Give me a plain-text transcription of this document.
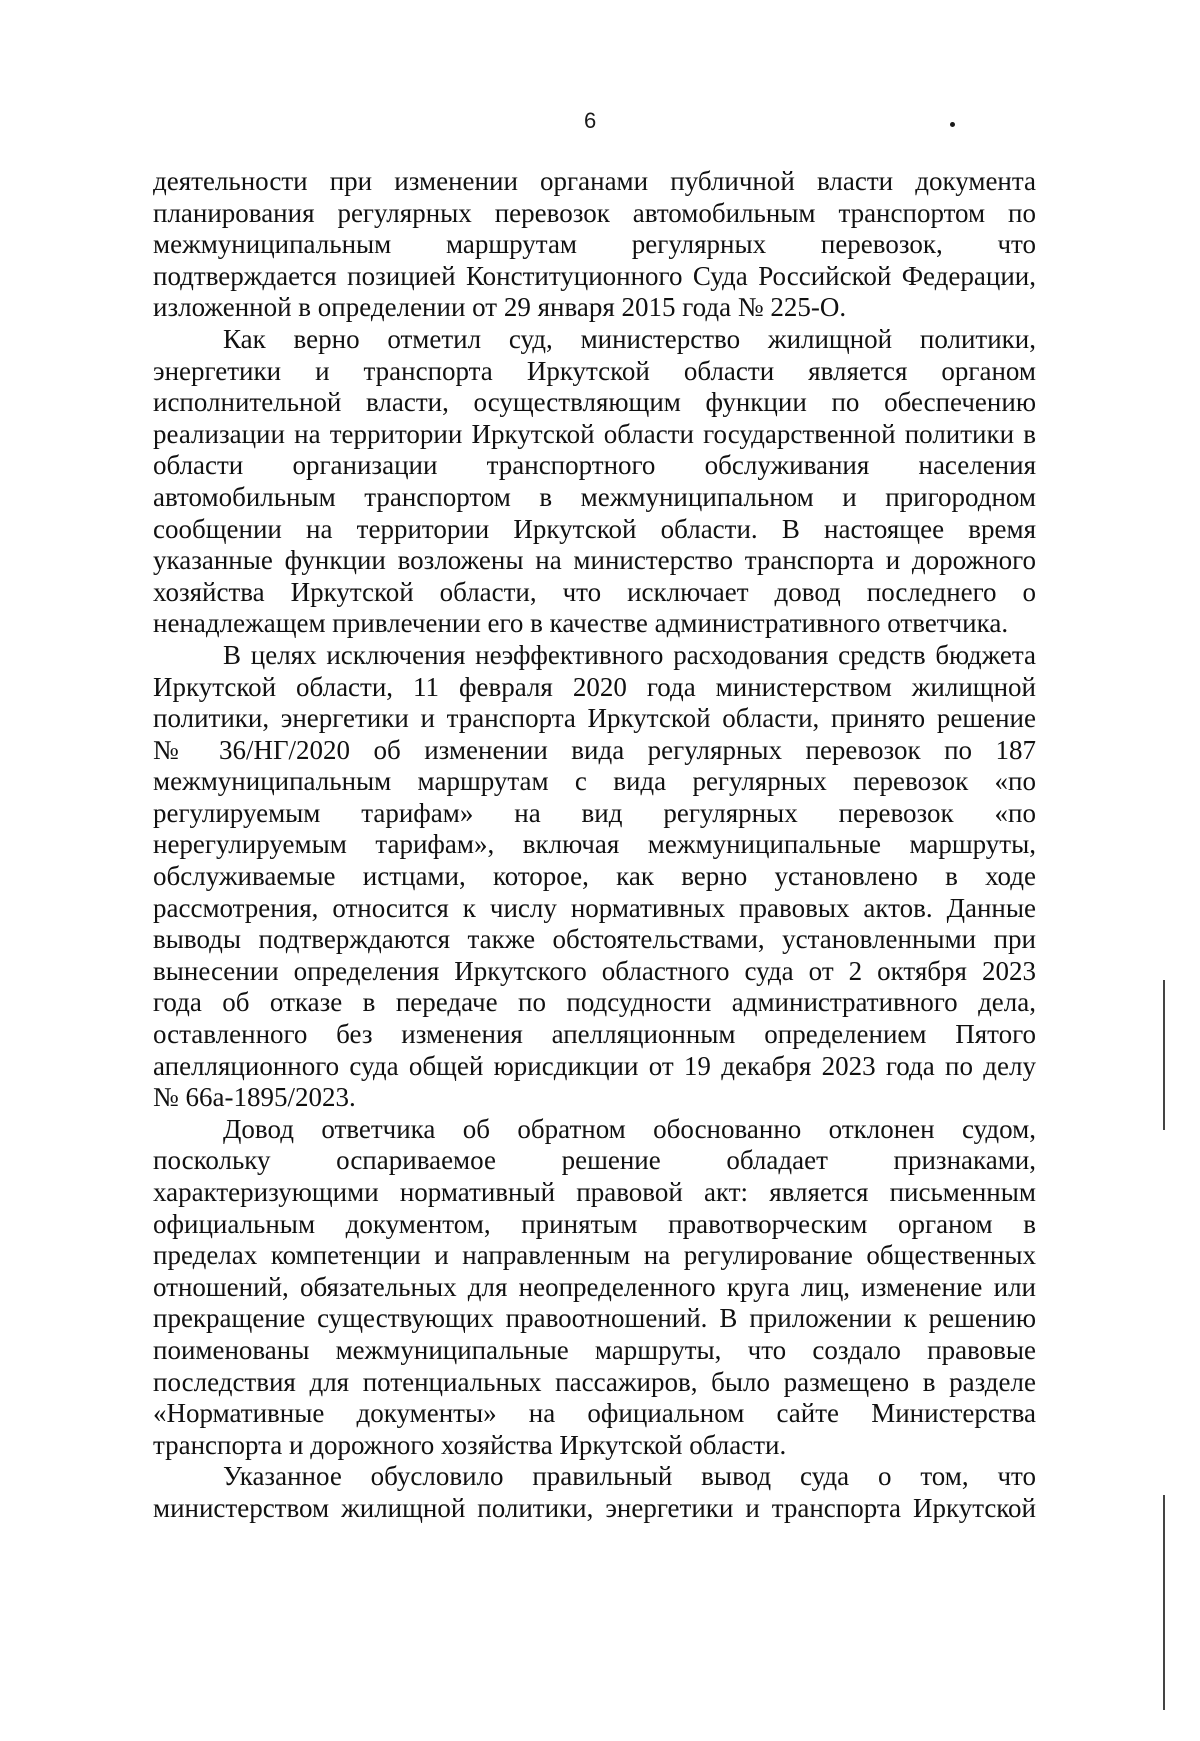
6
деятельности при изменении органами публичной власти документа
планирования регулярных перевозок автомобильным транспортом по
межмуниципальным маршрутам регулярных перевозок, что
подтверждается позицией Конституционного Суда Российской Федерации,
изложенной в определении от 29 января 2015 года № 225-О.
Как верно отметил суд, министерство жилищной политики,
энергетики и транспорта Иркутской области является органом
исполнительной власти, осуществляющим функции по обеспечению
реализации на территории Иркутской области государственной политики в
области организации транспортного обслуживания населения
автомобильным транспортом в межмуниципальном и пригородном
сообщении на территории Иркутской области. В настоящее время
указанные функции возложены на министерство транспорта и дорожного
хозяйства Иркутской области, что исключает довод последнего о
ненадлежащем привлечении его в качестве административного ответчика.
В целях исключения неэффективного расходования средств бюджета
Иркутской области, 11 февраля 2020 года министерством жилищной
политики, энергетики и транспорта Иркутской области, принято решение
№ 36/НГ/2020 об изменении вида регулярных перевозок по 187
межмуниципальным маршрутам с вида регулярных перевозок «по
регулируемым тарифам» на вид регулярных перевозок «по
нерегулируемым тарифам», включая межмуниципальные маршруты,
обслуживаемые истцами, которое, как верно установлено в ходе
рассмотрения, относится к числу нормативных правовых актов. Данные
выводы подтверждаются также обстоятельствами, установленными при
вынесении определения Иркутского областного суда от 2 октября 2023
года об отказе в передаче по подсудности административного дела,
оставленного без изменения апелляционным определением Пятого
апелляционного суда общей юрисдикции от 19 декабря 2023 года по делу
№ 66а-1895/2023.
Довод ответчика об обратном обоснованно отклонен судом,
поскольку оспариваемое решение обладает признаками,
характеризующими нормативный правовой акт: является письменным
официальным документом, принятым правотворческим органом в
пределах компетенции и направленным на регулирование общественных
отношений, обязательных для неопределенного круга лиц, изменение или
прекращение существующих правоотношений. В приложении к решению
поименованы межмуниципальные маршруты, что создало правовые
последствия для потенциальных пассажиров, было размещено в разделе
«Нормативные документы» на официальном сайте Министерства
транспорта и дорожного хозяйства Иркутской области.
Указанное обусловило правильный вывод суда о том, что
министерством жилищной политики, энергетики и транспорта Иркутской
